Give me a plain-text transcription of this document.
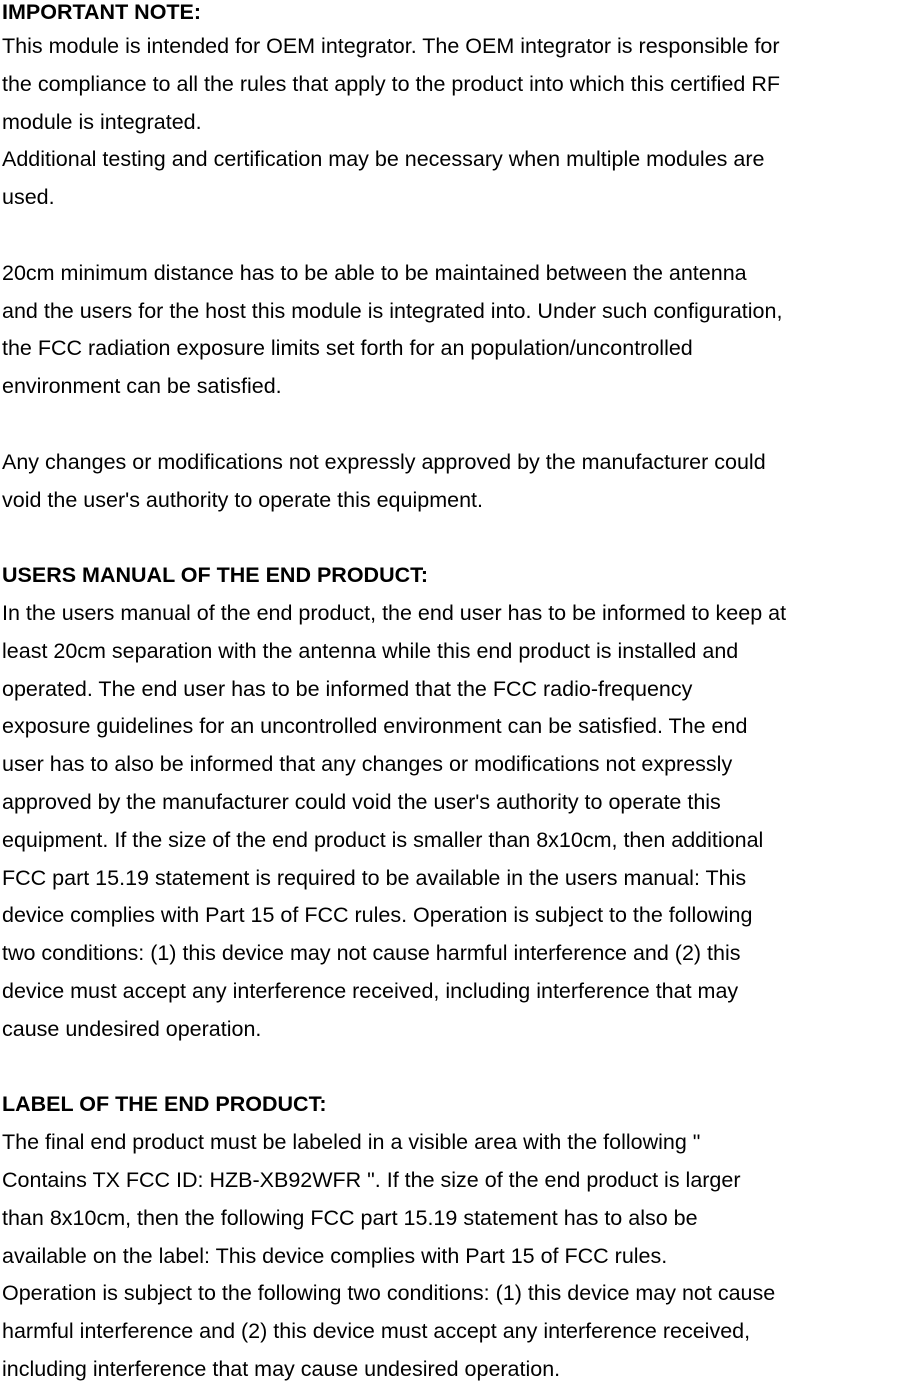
IMPORTANT NOTE:
This module is intended for OEM integrator. The OEM integrator is responsible for
the compliance to all the rules that apply to the product into which this certified RF
module is integrated.
Additional testing and certification may be necessary when multiple modules are
used.
20cm minimum distance has to be able to be maintained between the antenna
and the users for the host this module is integrated into. Under such configuration,
the FCC radiation exposure limits set forth for an population/uncontrolled
environment can be satisfied.
Any changes or modifications not expressly approved by the manufacturer could
void the user's authority to operate this equipment.
USERS MANUAL OF THE END PRODUCT:
In the users manual of the end product, the end user has to be informed to keep at
least 20cm separation with the antenna while this end product is installed and
operated. The end user has to be informed that the FCC radio-frequency
exposure guidelines for an uncontrolled environment can be satisfied. The end
user has to also be informed that any changes or modifications not expressly
approved by the manufacturer could void the user's authority to operate this
equipment. If the size of the end product is smaller than 8x10cm, then additional
FCC part 15.19 statement is required to be available in the users manual: This
device complies with Part 15 of FCC rules. Operation is subject to the following
two conditions: (1) this device may not cause harmful interference and (2) this
device must accept any interference received, including interference that may
cause undesired operation.
LABEL OF THE END PRODUCT:
The final end product must be labeled in a visible area with the following "
Contains TX FCC ID: HZB-XB92WFR ". If the size of the end product is larger
than 8x10cm, then the following FCC part 15.19 statement has to also be
available on the label: This device complies with Part 15 of FCC rules.
Operation is subject to the following two conditions: (1) this device may not cause
harmful interference and (2) this device must accept any interference received,
including interference that may cause undesired operation.
